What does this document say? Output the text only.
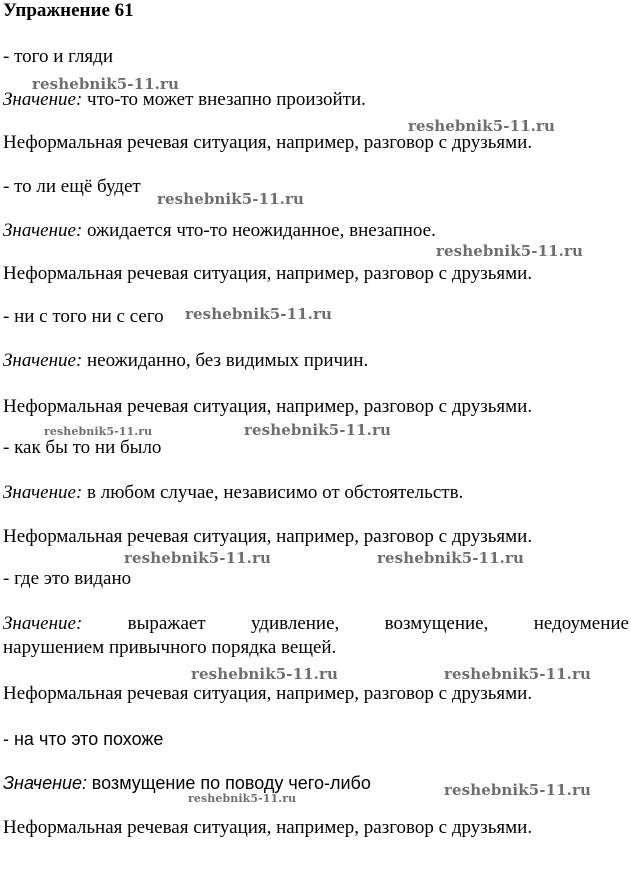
Упражнение 61
- того и гляди
Значение: что-то может внезапно произойти.
Неформальная речевая ситуация, например, разговор с друзьями.
- то ли ещё будет
Значение: ожидается что-то неожиданное, внезапное.
Неформальная речевая ситуация, например, разговор с друзьями.
- ни с того ни с сего
Значение: неожиданно, без видимых причин.
Неформальная речевая ситуация, например, разговор с друзьями.
- как бы то ни было
Значение: в любом случае, независимо от обстоятельств.
Неформальная речевая ситуация, например, разговор с друзьями.
- где это видано
Значение: выражает удивление, возмущение, недоумение
нарушением привычного порядка вещей.
Неформальная речевая ситуация, например, разговор с друзьями.
- на что это похоже
Значение: возмущение по поводу чего-либо
Неформальная речевая ситуация, например, разговор с друзьями.
reshebnik5-11.ru
reshebnik5-11.ru
reshebnik5-11.ru
reshebnik5-11.ru
reshebnik5-11.ru
reshebnik5-11.ru	reshebnik5-11.ru
reshebnik5-11.ru	reshebnik5-11.ru
reshebnik5-11.ru	reshebnik5-11.ru
reshebnik5-11.ru
reshebnik5-11.ru
